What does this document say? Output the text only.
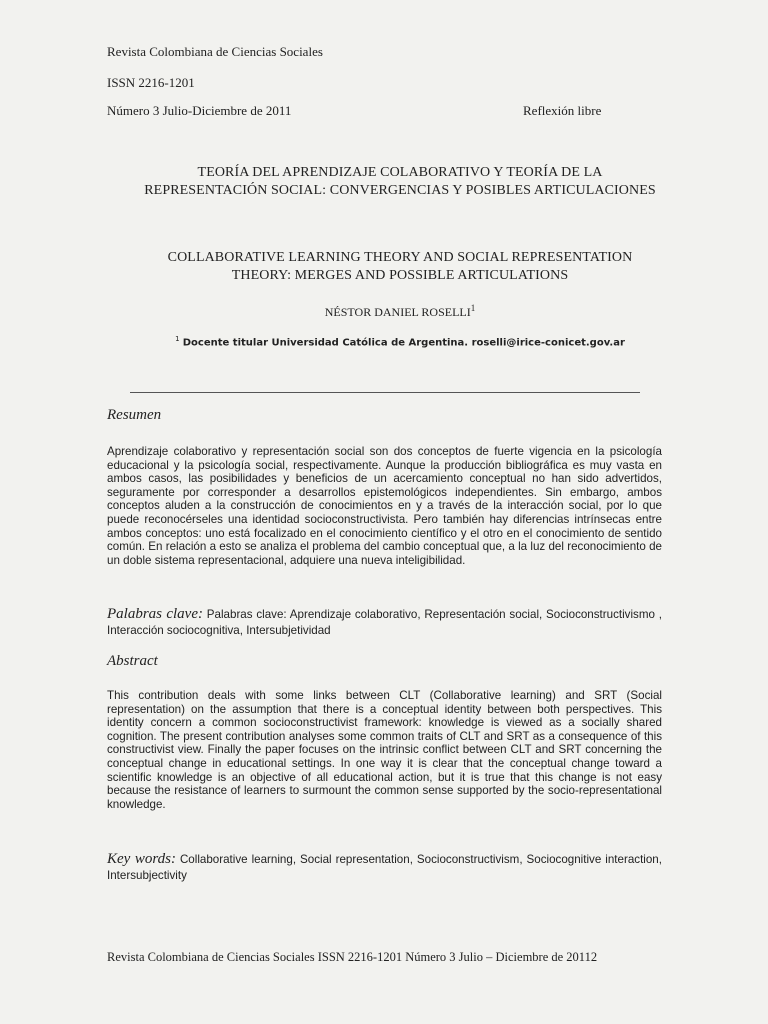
Revista Colombiana de Ciencias Sociales
ISSN 2216-1201
Número 3 Julio-Diciembre de 2011	Reflexión libre
TEORÍA DEL APRENDIZAJE COLABORATIVO Y TEORÍA DE LA
REPRESENTACIÓN SOCIAL: CONVERGENCIAS Y POSIBLES ARTICULACIONES
COLLABORATIVE LEARNING THEORY AND SOCIAL REPRESENTATION
THEORY: MERGES AND POSSIBLE ARTICULATIONS
NÉSTOR DANIEL ROSELLI$^1$
$^1$ Docente titular Universidad Católica de Argentina. roselli@irice-conicet.gov.ar
Resumen
Aprendizaje colaborativo y representación social son dos conceptos de fuerte vigencia en la psicología educacional y la psicología social, respectivamente. Aunque la producción bibliográfica es muy vasta en ambos casos, las posibilidades y beneficios de un acercamiento conceptual no han sido advertidos, seguramente por corresponder a desarrollos epistemológicos independientes. Sin embargo, ambos conceptos aluden a la construcción de conocimientos en y a través de la interacción social, por lo que puede reconocérseles una identidad socioconstructivista. Pero también hay diferencias intrínsecas entre ambos conceptos: uno está focalizado en el conocimiento científico y el otro en el conocimiento de sentido común. En relación a esto se analiza el problema del cambio conceptual que, a la luz del reconocimiento de un doble sistema representacional, adquiere una nueva inteligibilidad.
Palabras clave: Palabras clave: Aprendizaje colaborativo, Representación social, Socioconstructivismo , Interacción sociocognitiva, Intersubjetividad
Abstract
This contribution deals with some links between CLT (Collaborative learning) and SRT (Social representation) on the assumption that there is a conceptual identity between both perspectives. This identity concern a common socioconstructivist framework: knowledge is viewed as a socially shared cognition. The present contribution analyses some common traits of CLT and SRT as a consequence of this constructivist view. Finally the paper focuses on the intrinsic conflict between CLT and SRT concerning the conceptual change in educational settings. In one way it is clear that the conceptual change toward a scientific knowledge is an objective of all educational action, but it is true that this change is not easy because the resistance of learners to surmount the common sense supported by the socio-representational knowledge.
Key words: Collaborative learning, Social representation, Socioconstructivism, Sociocognitive interaction, Intersubjectivity
Revista Colombiana de Ciencias Sociales ISSN 2216-1201 Número 3 Julio – Diciembre de 20112
